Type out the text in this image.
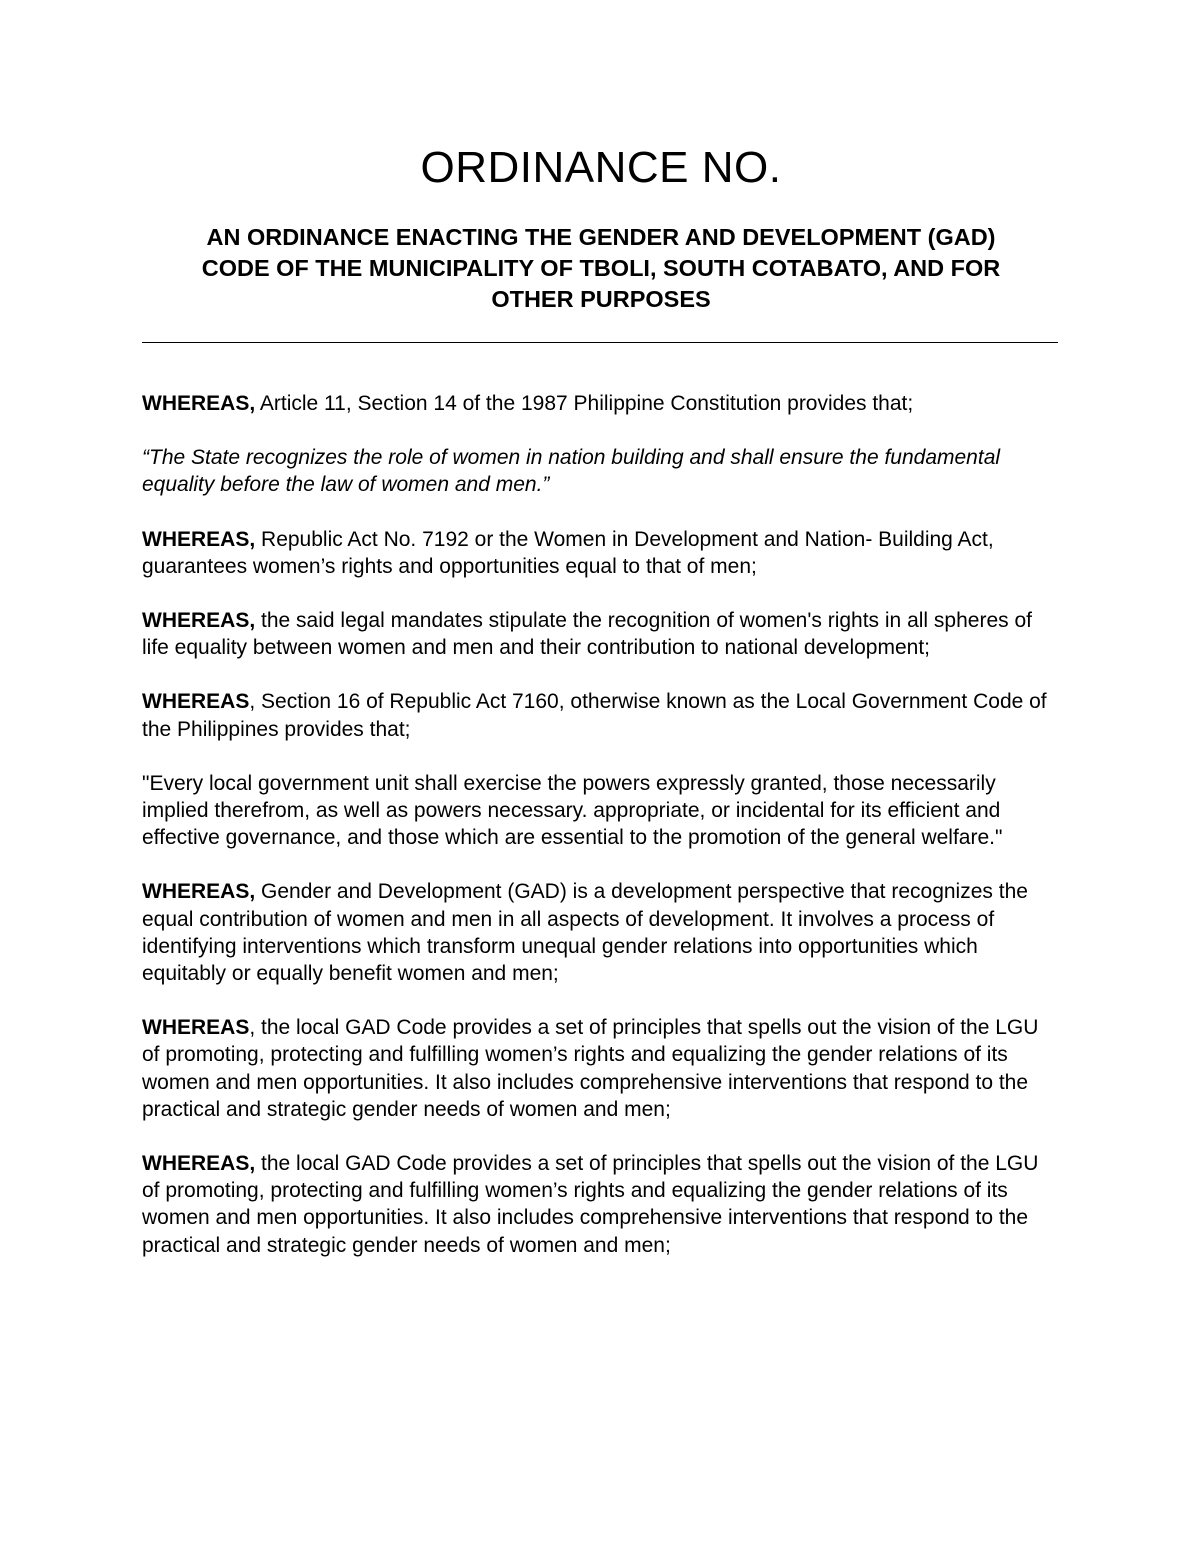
ORDINANCE NO.
AN ORDINANCE ENACTING THE GENDER AND DEVELOPMENT (GAD)
CODE OF THE MUNICIPALITY OF TBOLI, SOUTH COTABATO, AND FOR
OTHER PURPOSES

WHEREAS, Article 11, Section 14 of the 1987 Philippine Constitution provides that;

“The State recognizes the role of women in nation building and shall ensure the fundamental equality before the law of women and men.”

WHEREAS, Republic Act No. 7192 or the Women in Development and Nation- Building Act, guarantees women’s rights and opportunities equal to that of men;

WHEREAS, the said legal mandates stipulate the recognition of women's rights in all spheres of life equality between women and men and their contribution to national development;

WHEREAS, Section 16 of Republic Act 7160, otherwise known as the Local Government Code of the Philippines provides that;

"Every local government unit shall exercise the powers expressly granted, those necessarily implied therefrom, as well as powers necessary. appropriate, or incidental for its efficient and effective governance, and those which are essential to the promotion of the general welfare."

WHEREAS, Gender and Development (GAD) is a development perspective that recognizes the equal contribution of women and men in all aspects of development. It involves a process of identifying interventions which transform unequal gender relations into opportunities which equitably or equally benefit women and men;

WHEREAS, the local GAD Code provides a set of principles that spells out the vision of the LGU of promoting, protecting and fulfilling women’s rights and equalizing the gender relations of its women and men opportunities. It also includes comprehensive interventions that respond to the practical and strategic gender needs of women and men;

WHEREAS, the local GAD Code provides a set of principles that spells out the vision of the LGU of promoting, protecting and fulfilling women’s rights and equalizing the gender relations of its women and men opportunities. It also includes comprehensive interventions that respond to the practical and strategic gender needs of women and men;
